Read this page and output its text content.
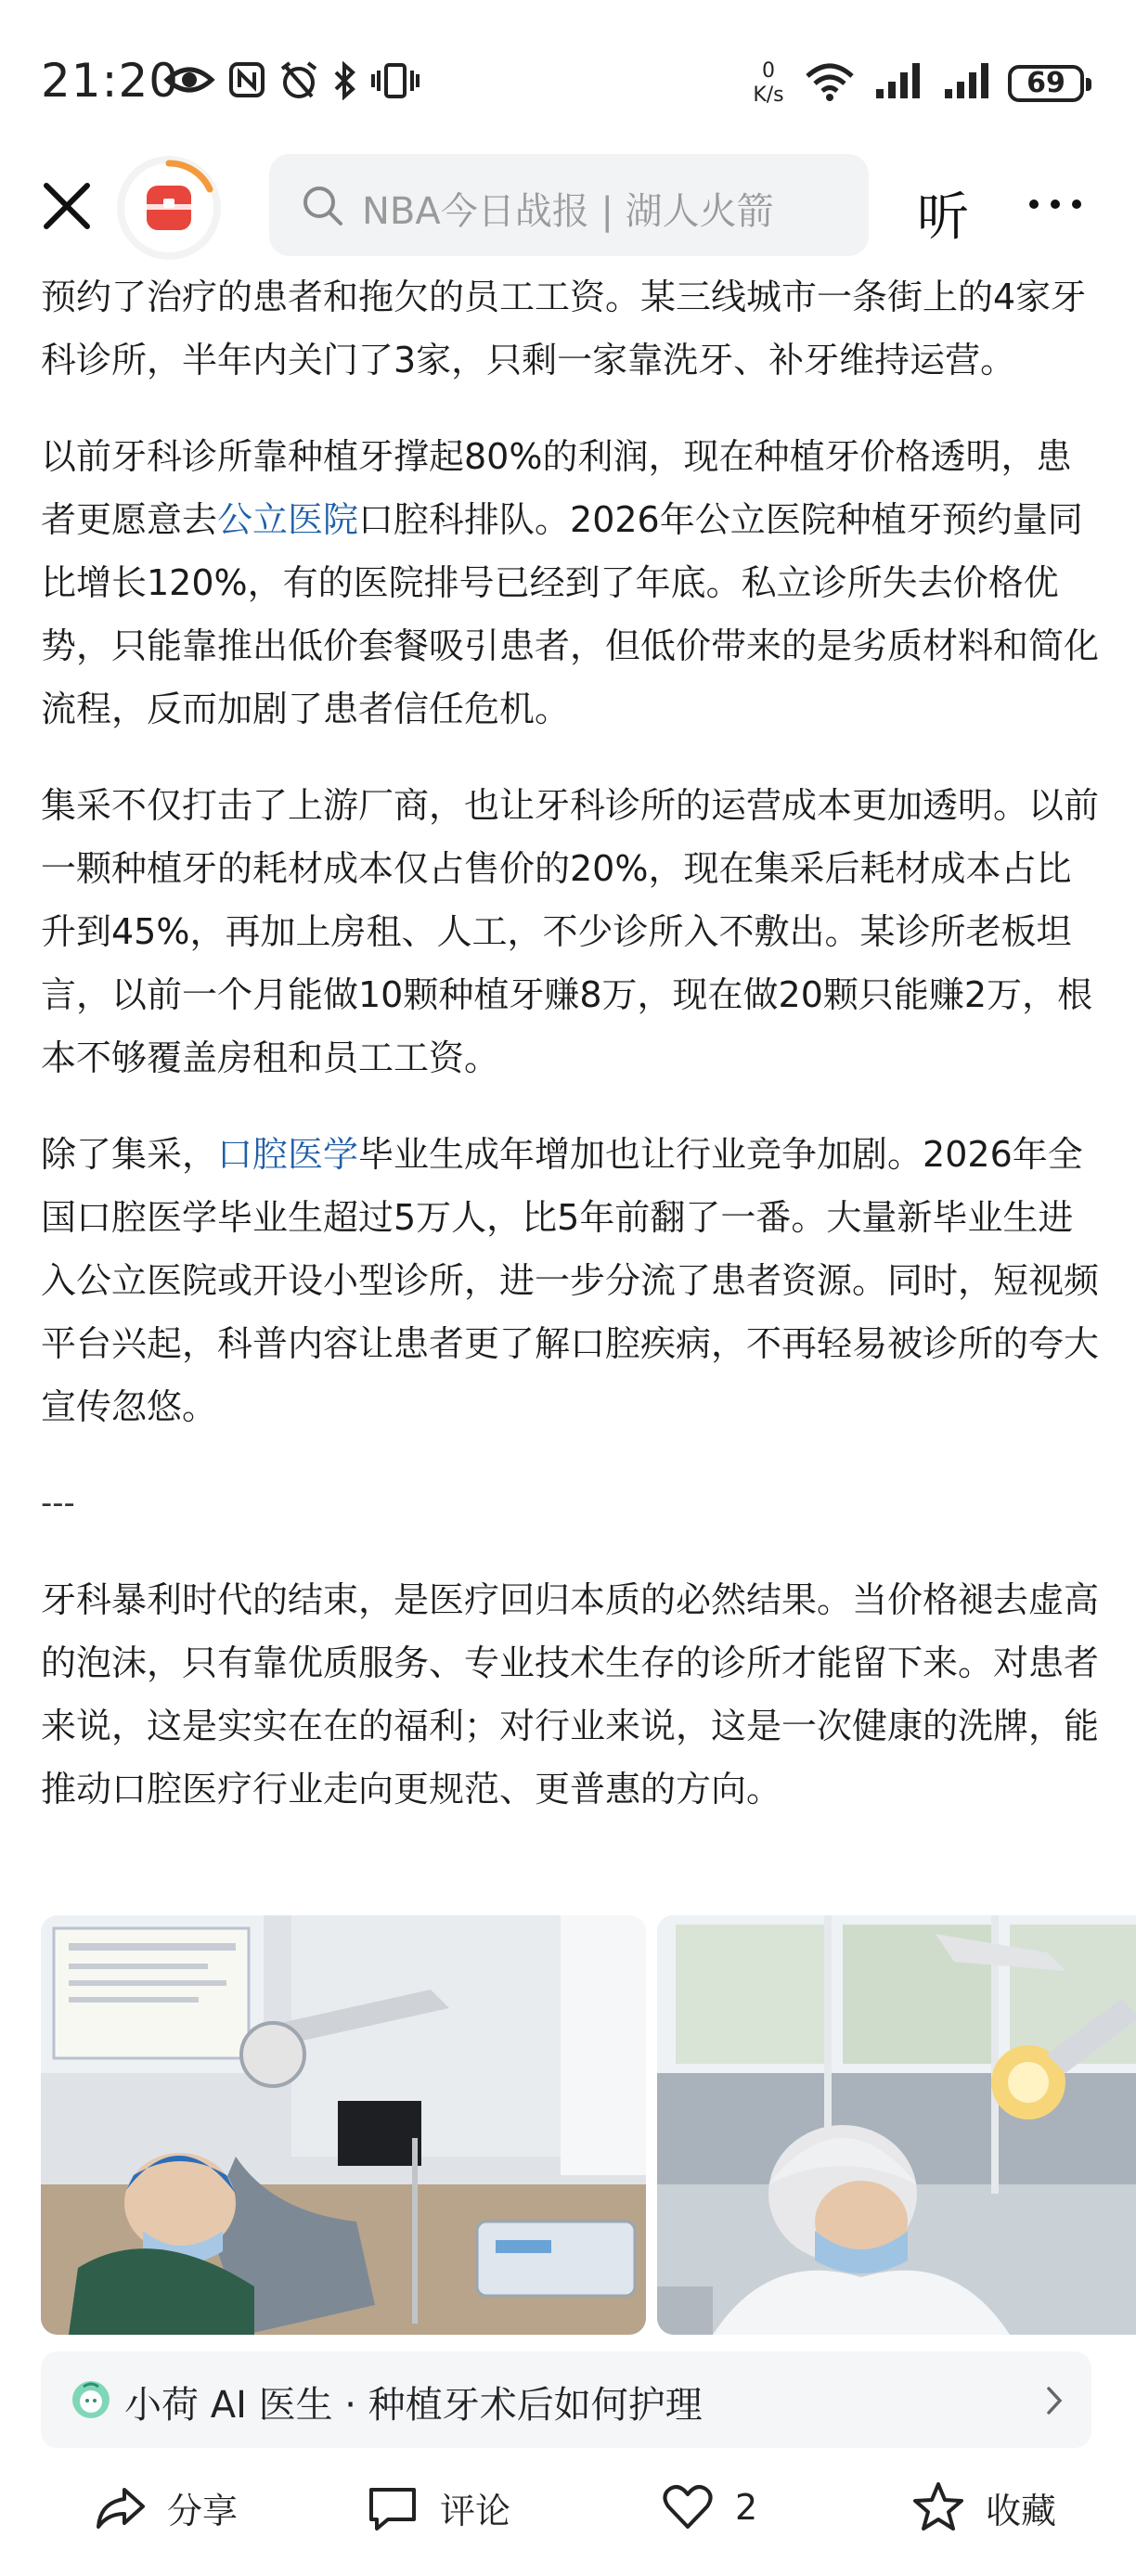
21:20	0
K/s	69
NBA今日战报 | 湖人火箭	听

预约了治疗的患者和拖欠的员工工资。某三线城市一条街上的4家牙科诊所，半年内关门了3家，只剩一家靠洗牙、补牙维持运营。

以前牙科诊所靠种植牙撑起80%的利润，现在种植牙价格透明，患者更愿意去公立医院口腔科排队。2026年公立医院种植牙预约量同比增长120%，有的医院排号已经到了年底。私立诊所失去价格优势，只能靠推出低价套餐吸引患者，但低价带来的是劣质材料和简化流程，反而加剧了患者信任危机。

集采不仅打击了上游厂商，也让牙科诊所的运营成本更加透明。以前一颗种植牙的耗材成本仅占售价的20%，现在集采后耗材成本占比升到45%，再加上房租、人工，不少诊所入不敷出。某诊所老板坦言，以前一个月能做10颗种植牙赚8万，现在做20颗只能赚2万，根本不够覆盖房租和员工工资。

除了集采，口腔医学毕业生成年增加也让行业竞争加剧。2026年全国口腔医学毕业生超过5万人，比5年前翻了一番。大量新毕业生进入公立医院或开设小型诊所，进一步分流了患者资源。同时，短视频平台兴起，科普内容让患者更了解口腔疾病，不再轻易被诊所的夸大宣传忽悠。

---

牙科暴利时代的结束，是医疗回归本质的必然结果。当价格褪去虚高的泡沫，只有靠优质服务、专业技术生存的诊所才能留下来。对患者来说，这是实实在在的福利；对行业来说，这是一次健康的洗牌，能推动口腔医疗行业走向更规范、更普惠的方向。

小荷 AI 医生 · 种植牙术后如何护理
分享	评论	2	收藏
